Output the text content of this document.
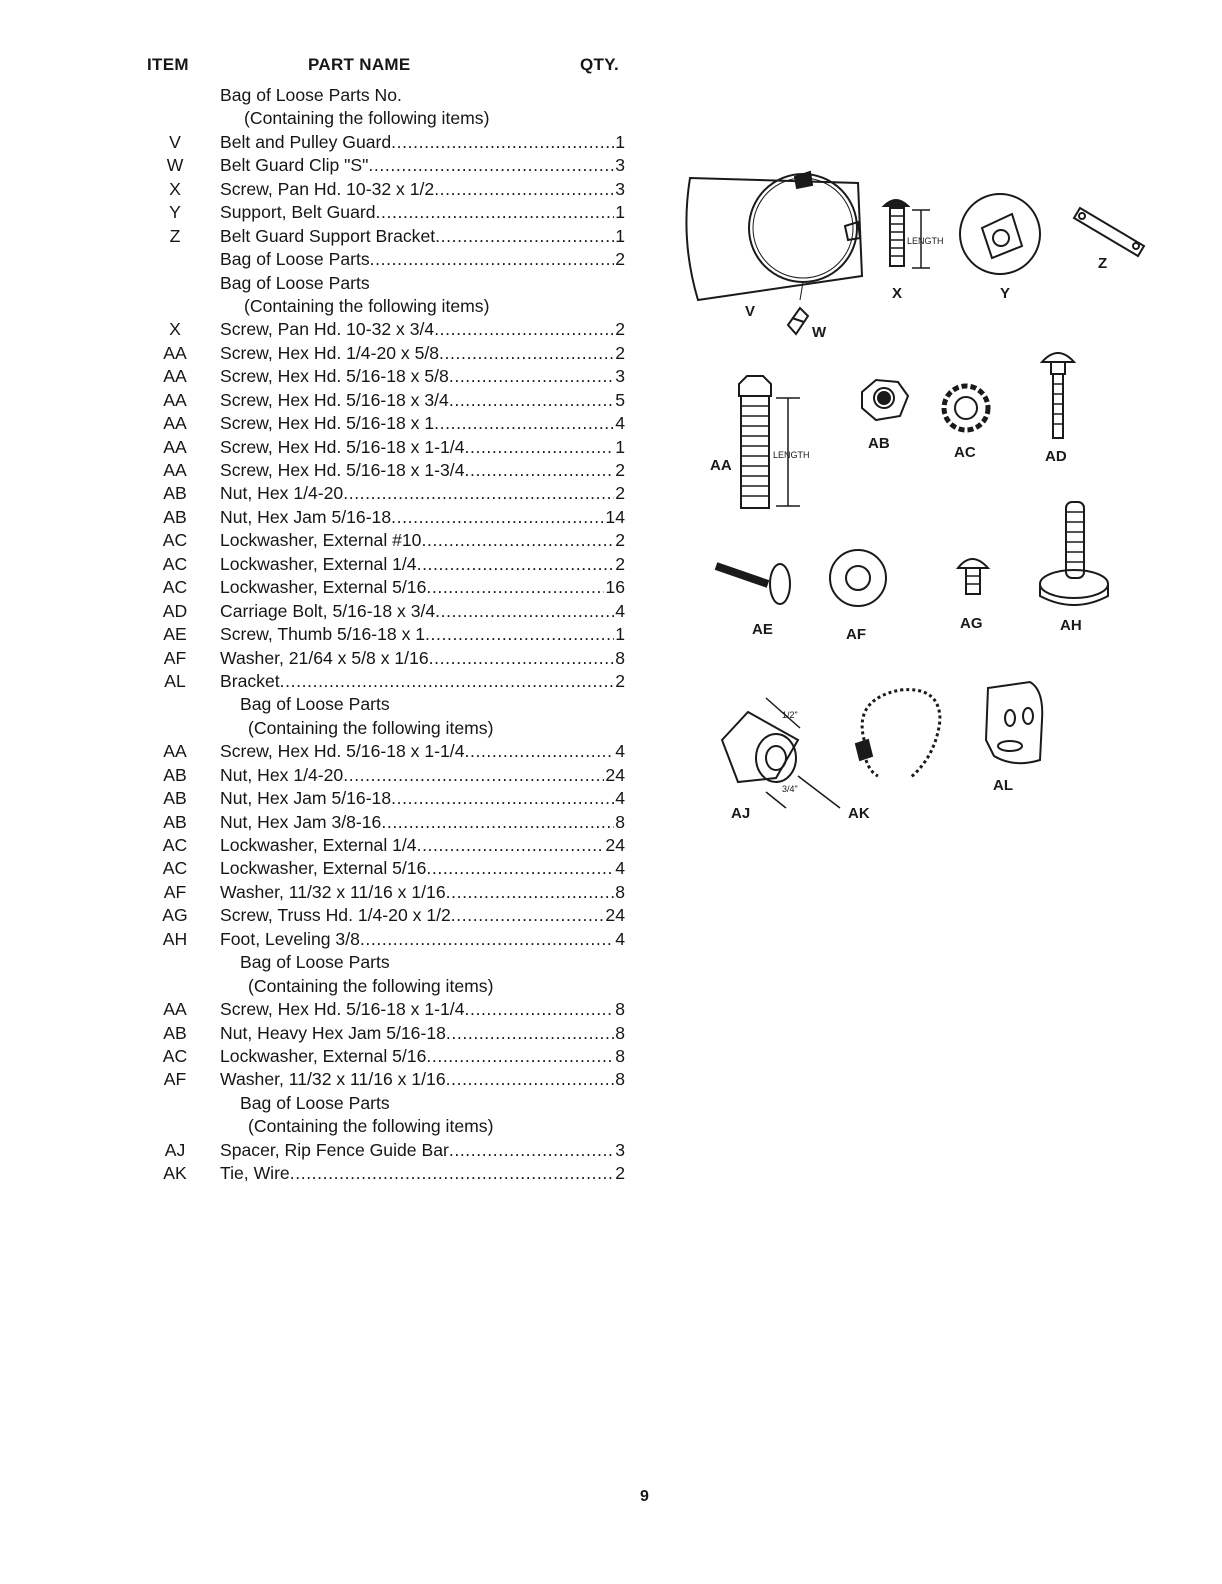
ITEM	PART NAME	QTY.
Bag of Loose Parts No.
(Containing the following items)
V	Belt and Pulley Guard .....	1
W	Belt Guard Clip "S" .....	3
X	Screw, Pan Hd. 10-32 x 1/2 .....	3
Y	Support, Belt Guard .....	1
Z	Belt Guard Support Bracket .....	1
Bag of Loose Parts .....	2
Bag of Loose Parts
(Containing the following items)
X	Screw, Pan Hd. 10-32 x 3/4 .....	2
AA	Screw, Hex Hd. 1/4-20 x 5/8 .....	2
AA	Screw, Hex Hd. 5/16-18 x 5/8 .....	3
AA	Screw, Hex Hd. 5/16-18 x 3/4 .....	5
AA	Screw, Hex Hd. 5/16-18 x 1 .....	4
AA	Screw, Hex Hd. 5/16-18 x 1-1/4 .....	1
AA	Screw, Hex Hd. 5/16-18 x 1-3/4 .....	2
AB	Nut, Hex 1/4-20 .....	2
AB	Nut, Hex Jam 5/16-18 .....	14
AC	Lockwasher, External #10 .....	2
AC	Lockwasher, External 1/4 .....	2
AC	Lockwasher, External 5/16 .....	16
AD	Carriage Bolt, 5/16-18 x 3/4 .....	4
AE	Screw, Thumb 5/16-18 x 1 .....	1
AF	Washer, 21/64 x 5/8 x 1/16 .....	8
AL	Bracket .....	2
Bag of Loose Parts
(Containing the following items)
AA	Screw, Hex Hd. 5/16-18 x 1-1/4 .....	4
AB	Nut, Hex 1/4-20 .....	24
AB	Nut, Hex Jam 5/16-18 .....	4
AB	Nut, Hex Jam 3/8-16 .....	8
AC	Lockwasher, External 1/4 .....	24
AC	Lockwasher, External 5/16 .....	4
AF	Washer, 11/32 x 11/16 x 1/16 .....	8
AG	Screw, Truss Hd. 1/4-20 x 1/2 .....	24
AH	Foot, Leveling 3/8 .....	4
Bag of Loose Parts
(Containing the following items)
AA	Screw, Hex Hd. 5/16-18 x 1-1/4 .....	8
AB	Nut, Heavy Hex Jam 5/16-18 .....	8
AC	Lockwasher, External 5/16 .....	8
AF	Washer, 11/32 x 11/16 x 1/16 .....	8
Bag of Loose Parts
(Containing the following items)
AJ	Spacer, Rip Fence Guide Bar .....	3
AK	Tie, Wire .....	2
V
W
X	Y
Z
AA
AB
AC	AD
AE	AF
AG	AH
AJ	AK
AL
LENGTH
LENGTH
1/2"
3/4"
9
